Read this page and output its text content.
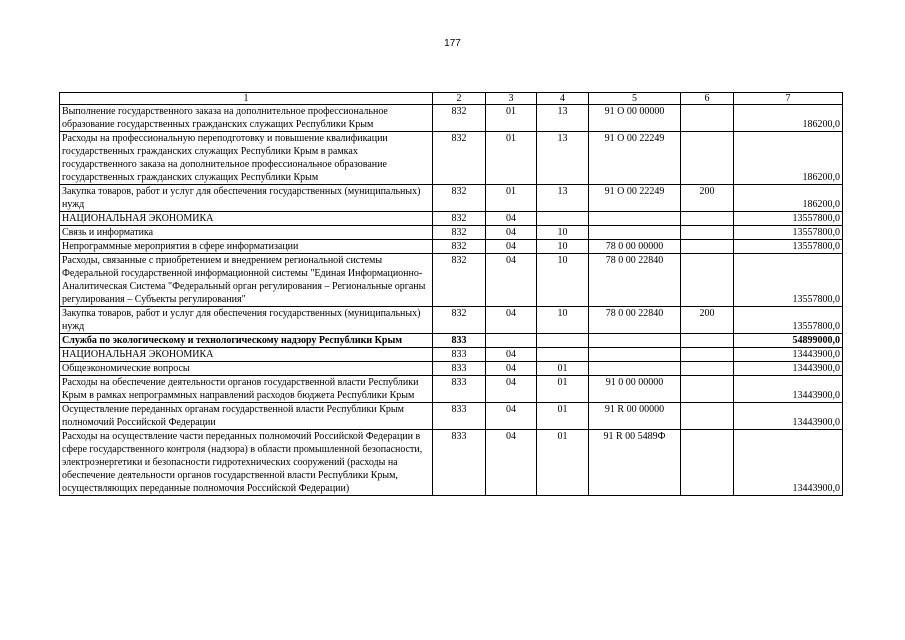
177
1	2	3	4	5	6	7
Выполнение государственного заказа на дополнительное профессиональное образование государственных гражданских служащих Республики Крым	832	01	13	91 О 00 00000		186200,0
Расходы на профессиональную переподготовку и повышение квалификации государственных гражданских служащих Республики Крым в рамках государственного заказа на дополнительное профессиональное образование государственных гражданских служащих Республики Крым	832	01	13	91 О 00 22249		186200,0
Закупка товаров, работ и услуг для обеспечения государственных (муниципальных) нужд	832	01	13	91 О 00 22249	200	186200,0
НАЦИОНАЛЬНАЯ ЭКОНОМИКА	832	04				13557800,0
Связь и информатика	832	04	10			13557800,0
Непрограммные мероприятия в сфере информатизации	832	04	10	78 0 00 00000		13557800,0
Расходы, связанные с приобретением и внедрением региональной системы Федеральной государственной информационной системы "Единая Информационно-Аналитическая Система "Федеральный орган регулирования – Региональные органы регулирования – Субъекты регулирования"	832	04	10	78 0 00 22840		13557800,0
Закупка товаров, работ и услуг для обеспечения государственных (муниципальных) нужд	832	04	10	78 0 00 22840	200	13557800,0
Служба по экологическому и технологическому надзору Республики Крым	833					54899000,0
НАЦИОНАЛЬНАЯ ЭКОНОМИКА	833	04				13443900,0
Общеэкономические вопросы	833	04	01			13443900,0
Расходы на обеспечение деятельности органов государственной власти Республики Крым в рамках непрограммных направлений расходов бюджета Республики Крым	833	04	01	91 0 00 00000		13443900,0
Осуществление переданных органам государственной власти Республики Крым полномочий Российской Федерации	833	04	01	91 R 00 00000		13443900,0
Расходы на осуществление части переданных полномочий Российской Федерации в сфере государственного контроля (надзора) в области промышленной безопасности, электроэнергетики и безопасности гидротехнических сооружений (расходы на обеспечение деятельности органов государственной власти Республики Крым, осуществляющих переданные полномочия Российской Федерации)	833	04	01	91 R 00 5489Ф		13443900,0
